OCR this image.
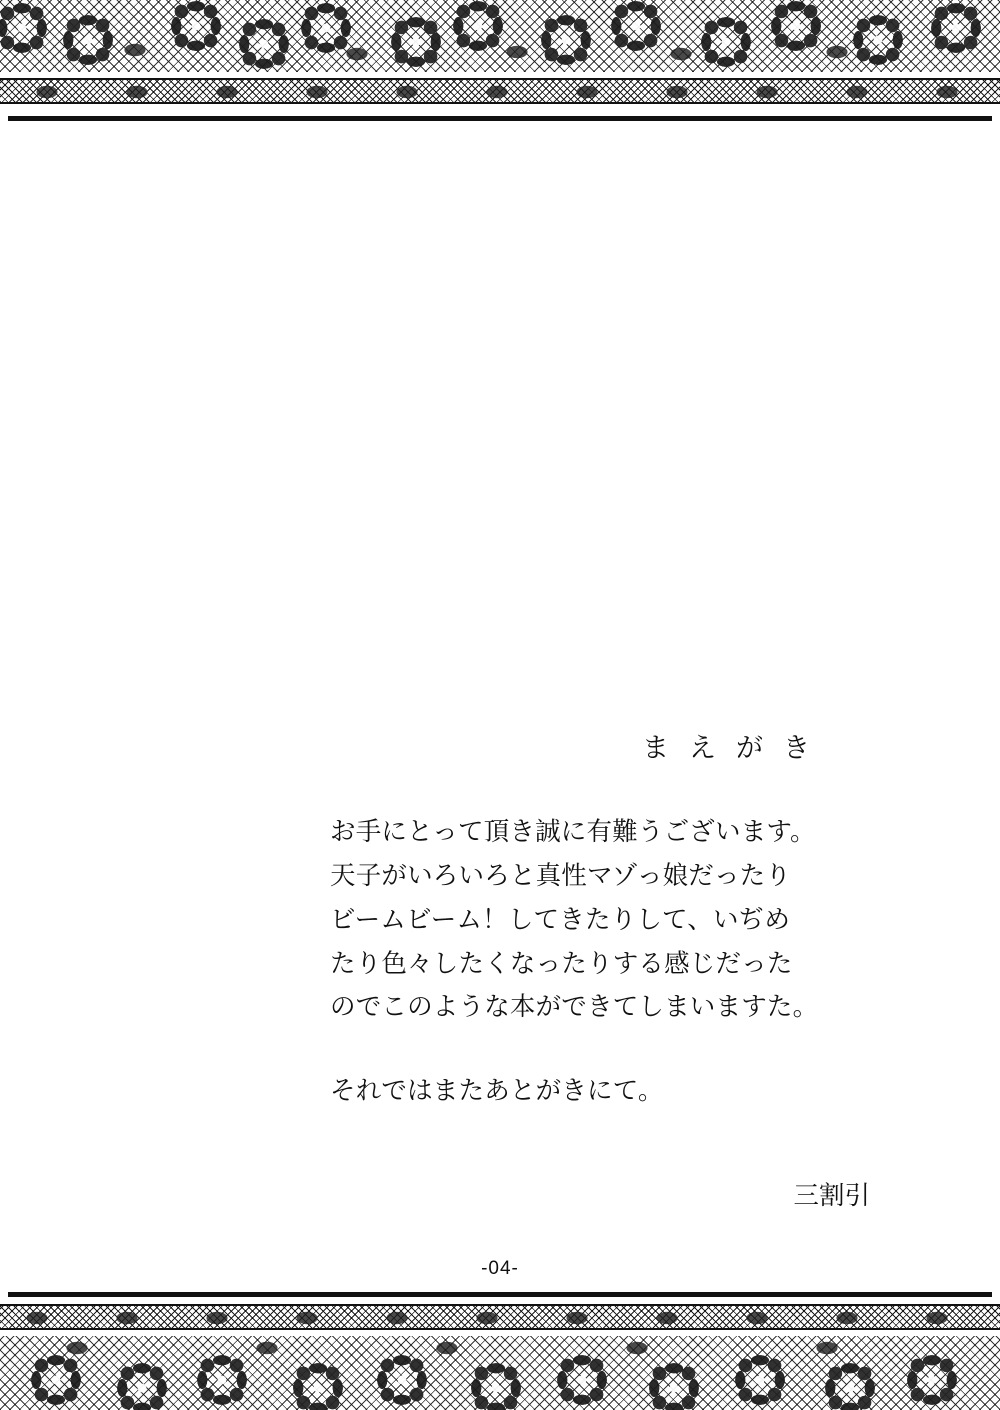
まえがき

お手にとって頂き誠に有難うございます。

天子がいろいろと真性マゾっ娘だったり

ビームビーム！してきたりして、いぢめ

たり色々したくなったりする感じだった

のでこのような本ができてしまいますた。

それではまたあとがきにて。

三割引
-04-
